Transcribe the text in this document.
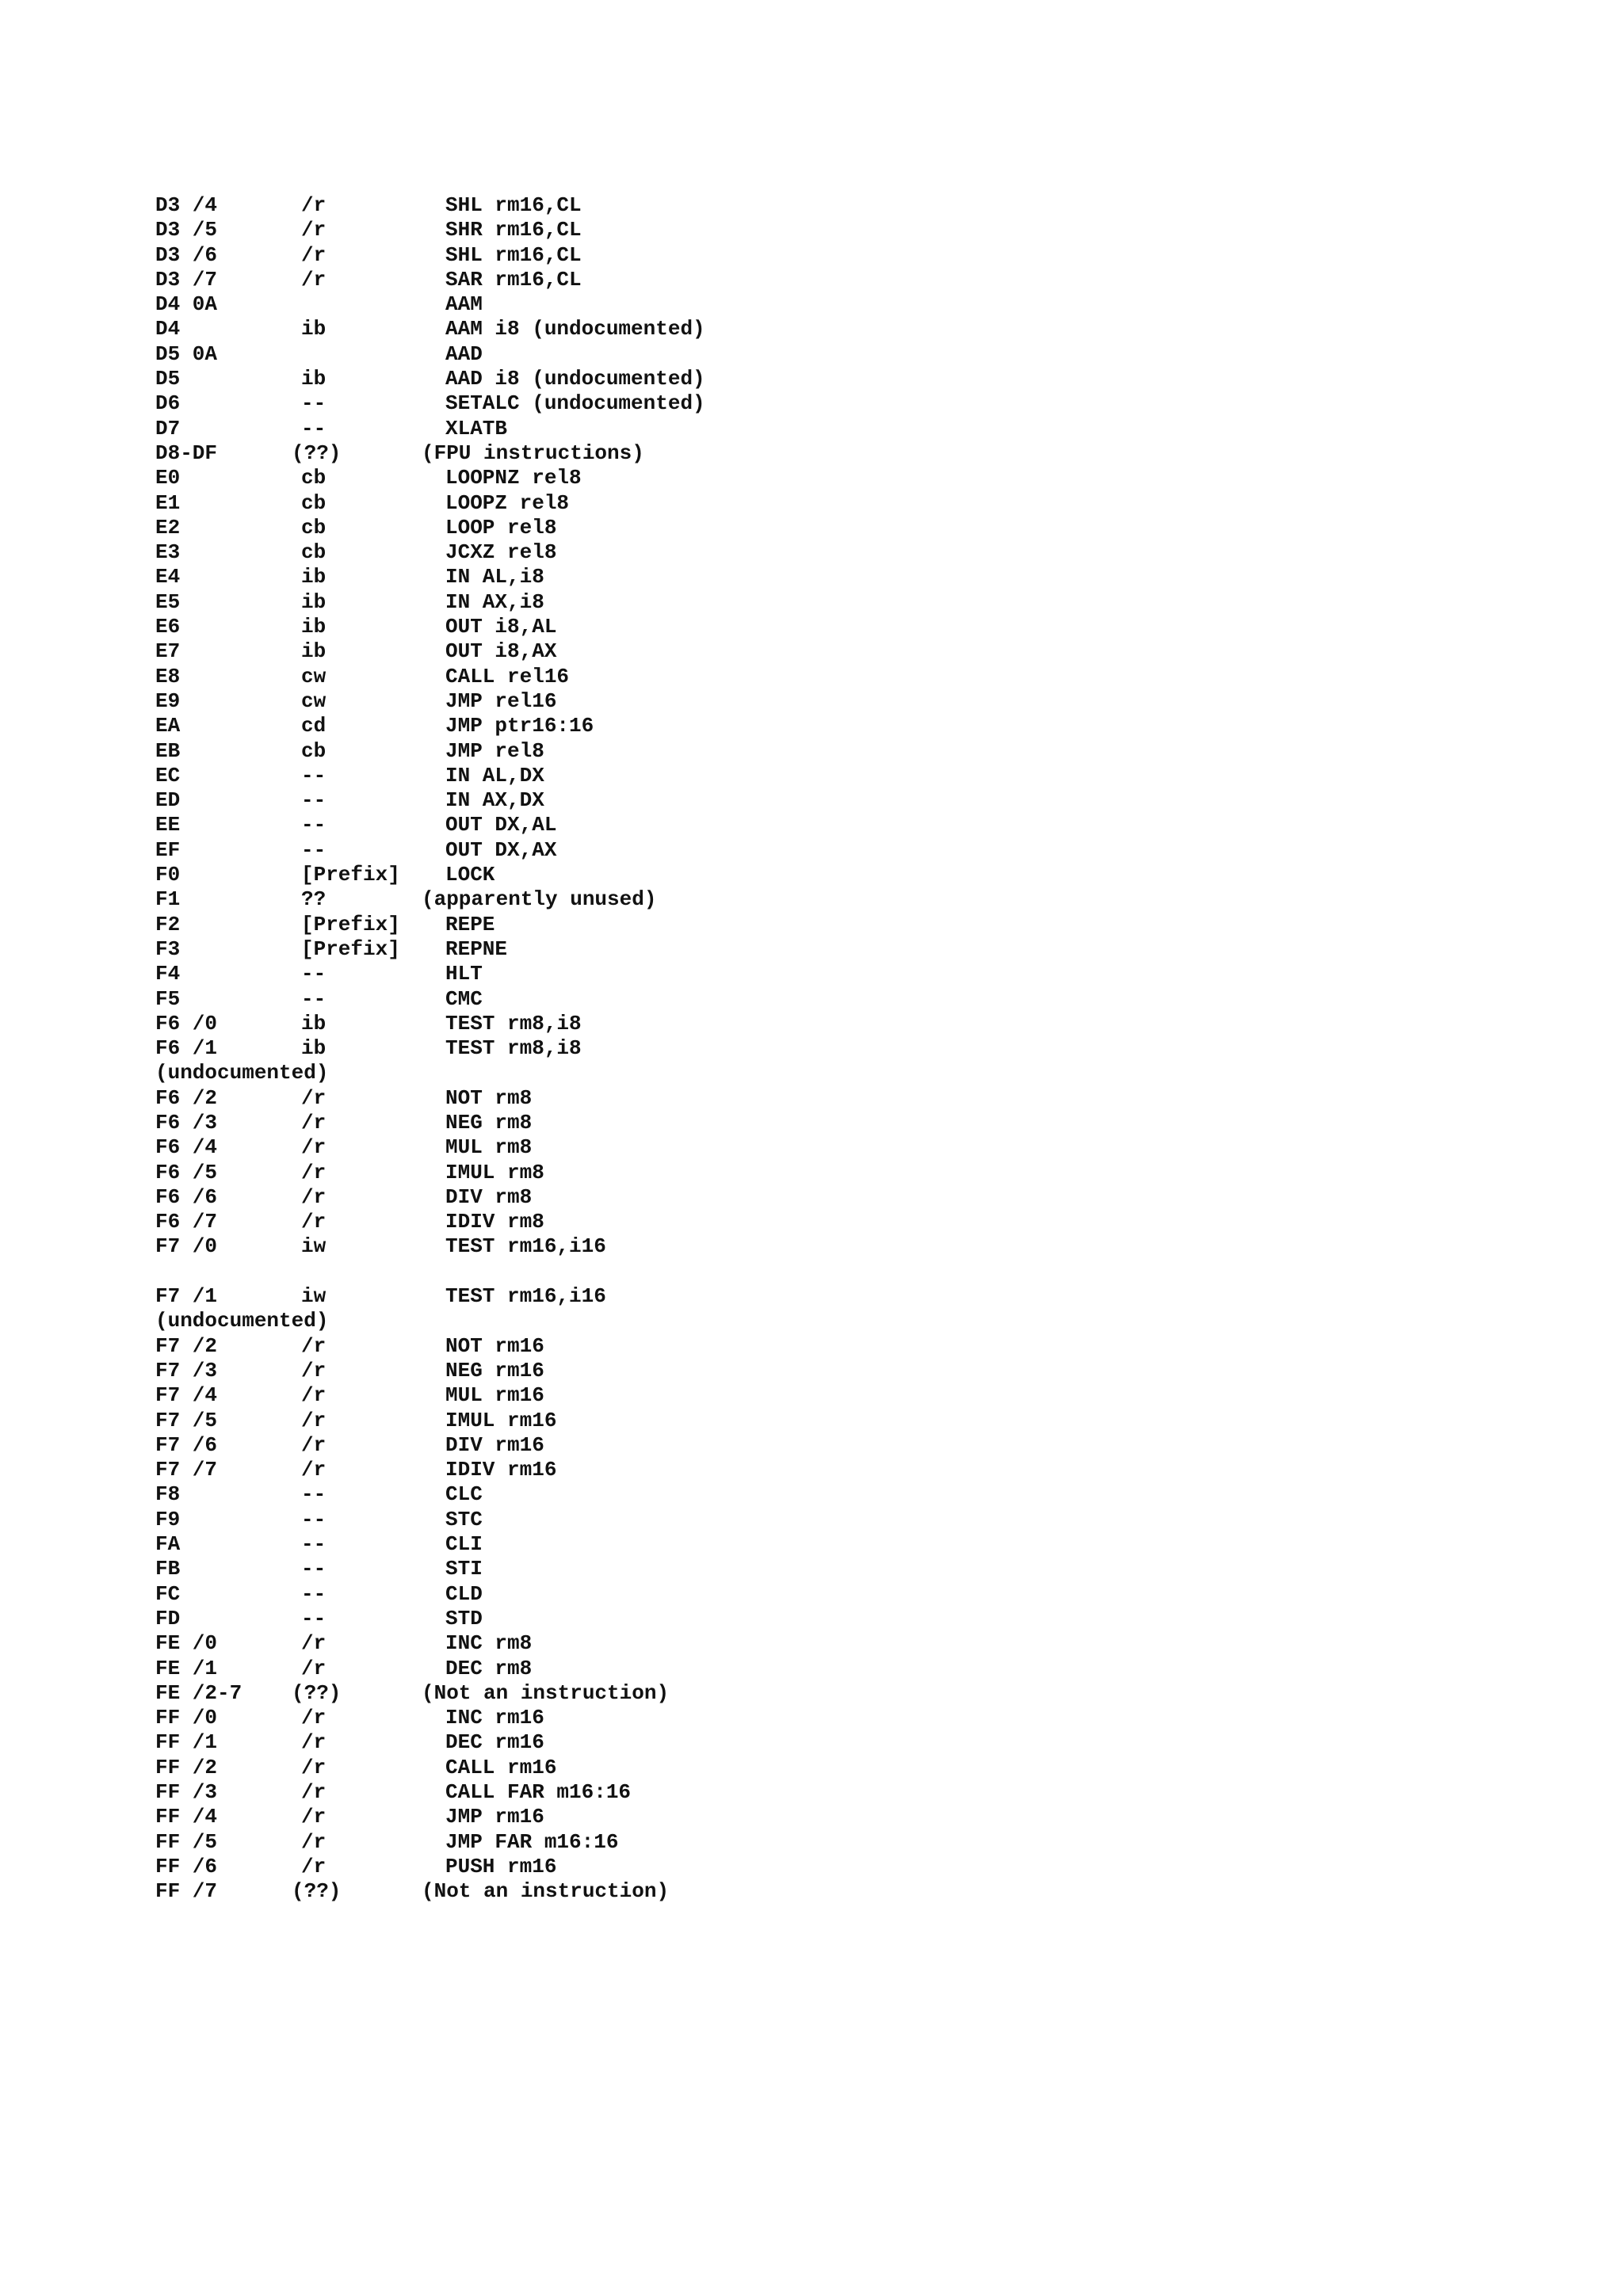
D3 /4	/r	SHL rm16,CL
D3 /5	/r	SHR rm16,CL
D3 /6	/r	SHL rm16,CL
D3 /7	/r	SAR rm16,CL
D4 0A	AAM
D4	ib	AAM i8 (undocumented)
D5 0A	AAD
D5	ib	AAD i8 (undocumented)
D6	--	SETALC (undocumented)
D7	--	XLATB
D8-DF	(??)	(FPU instructions)
E0	cb	LOOPNZ rel8
E1	cb	LOOPZ rel8
E2	cb	LOOP rel8
E3	cb	JCXZ rel8
E4	ib	IN AL,i8
E5	ib	IN AX,i8
E6	ib	OUT i8,AL
E7	ib	OUT i8,AX
E8	cw	CALL rel16
E9	cw	JMP rel16
EA	cd	JMP ptr16:16
EB	cb	JMP rel8
EC	--	IN AL,DX
ED	--	IN AX,DX
EE	--	OUT DX,AL
EF	--	OUT DX,AX
F0	[Prefix] LOCK
F1	??	(apparently unused)
F2	[Prefix] REPE
F3	[Prefix] REPNE
F4	--	HLT
F5	--	CMC
F6 /0	ib	TEST rm8,i8
F6 /1	ib	TEST rm8,i8
(undocumented)
F6 /2	/r	NOT rm8
F6 /3	/r	NEG rm8
F6 /4	/r	MUL rm8
F6 /5	/r	IMUL rm8
F6 /6	/r	DIV rm8
F6 /7	/r	IDIV rm8
F7 /0	iw	TEST rm16,i16
F7 /1	iw	TEST rm16,i16
(undocumented)
F7 /2	/r	NOT rm16
F7 /3	/r	NEG rm16
F7 /4	/r	MUL rm16
F7 /5	/r	IMUL rm16
F7 /6	/r	DIV rm16
F7 /7	/r	IDIV rm16
F8	--	CLC
F9	--	STC
FA	--	CLI
FB	--	STI
FC	--	CLD
FD	--	STD
FE /0	/r	INC rm8
FE /1	/r	DEC rm8
FE /2-7 (??)	(Not an instruction)
FF /0	/r	INC rm16
FF /1	/r	DEC rm16
FF /2	/r	CALL rm16
FF /3	/r	CALL FAR m16:16
FF /4	/r	JMP rm16
FF /5	/r	JMP FAR m16:16
FF /6	/r	PUSH rm16
FF /7	(??)	(Not an instruction)
